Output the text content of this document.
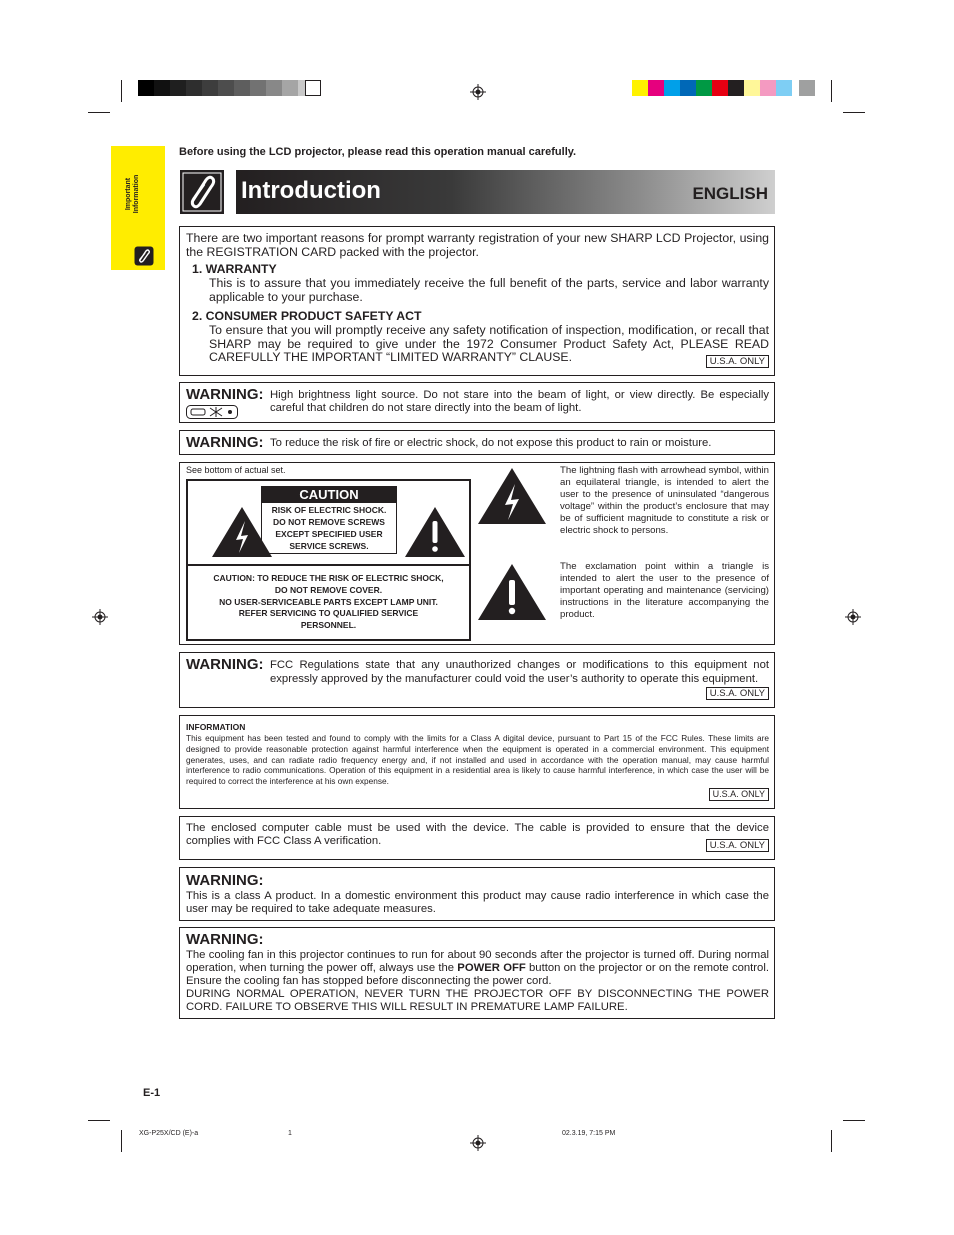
Important Information
Before using the LCD projector, please read this operation manual carefully.
Introduction	ENGLISH

There are two important reasons for prompt warranty registration of your new SHARP LCD Projector, using the REGISTRATION CARD packed with the projector.

1. WARRANTY

This is to assure that you immediately receive the full benefit of the parts, service and labor warranty applicable to your purchase.

2. CONSUMER PRODUCT SAFETY ACT

To ensure that you will promptly receive any safety notification of inspection, modification, or recall that SHARP may be required to give under the 1972 Consumer Product Safety Act, PLEASE READ CAREFULLY THE IMPORTANT “LIMITED WARRANTY” CLAUSE.	U.S.A. ONLY
WARNING: High brightness light source. Do not stare into the beam of light, or view directly. Be especially careful that children do not stare directly into the beam of light.

WARNING: To reduce the risk of fire or electric shock, do not expose this product to rain or moisture.

See bottom of actual set.
CAUTION
RISK OF ELECTRIC SHOCK.
DO NOT REMOVE SCREWS
EXCEPT SPECIFIED USER
SERVICE SCREWS.
CAUTION: TO REDUCE THE RISK OF ELECTRIC SHOCK,
DO NOT REMOVE COVER.
NO USER-SERVICEABLE PARTS EXCEPT LAMP UNIT.
REFER SERVICING TO QUALIFIED SERVICE
PERSONNEL.

The lightning flash with arrowhead symbol, within an equilateral triangle, is intended to alert the user to the presence of uninsulated “dangerous voltage” within the product’s enclosure that may be of sufficient magnitude to constitute a risk or electric shock to persons.

The exclamation point within a triangle is intended to alert the user to the presence of important operating and maintenance (servicing) instructions in the literature accompanying the product.

WARNING: FCC Regulations state that any unauthorized changes or modifications to this equipment not expressly approved by the manufacturer could void the user’s authority to operate this equipment.

U.S.A. ONLY
INFORMATION

This equipment has been tested and found to comply with the limits for a Class A digital device, pursuant to Part 15 of the FCC Rules. These limits are designed to provide reasonable protection against harmful interference when the equipment is operated in a commercial environment. This equipment generates, uses, and can radiate radio frequency energy and, if not installed and used in accordance with the operation manual, may cause harmful interference to radio communications. Operation of this equipment in a residential area is likely to cause harmful interference, in which case the user will be required to correct the interference at his own expense.

U.S.A. ONLY

The enclosed computer cable must be used with the device. The cable is provided to ensure that the device complies with FCC Class A verification.	U.S.A. ONLY
WARNING:

This is a class A product. In a domestic environment this product may cause radio interference in which case the user may be required to take adequate measures.

WARNING:

The cooling fan in this projector continues to run for about 90 seconds after the projector is turned off. During normal operation, when turning the power off, always use the POWER OFF button on the projector or on the remote control. Ensure the cooling fan has stopped before disconnecting the power cord.

DURING NORMAL OPERATION, NEVER TURN THE PROJECTOR OFF BY DISCONNECTING THE POWER CORD. FAILURE TO OBSERVE THIS WILL RESULT IN PREMATURE LAMP FAILURE.

E-1
XG-P25X/CD (E)-a	1	02.3.19, 7:15 PM
